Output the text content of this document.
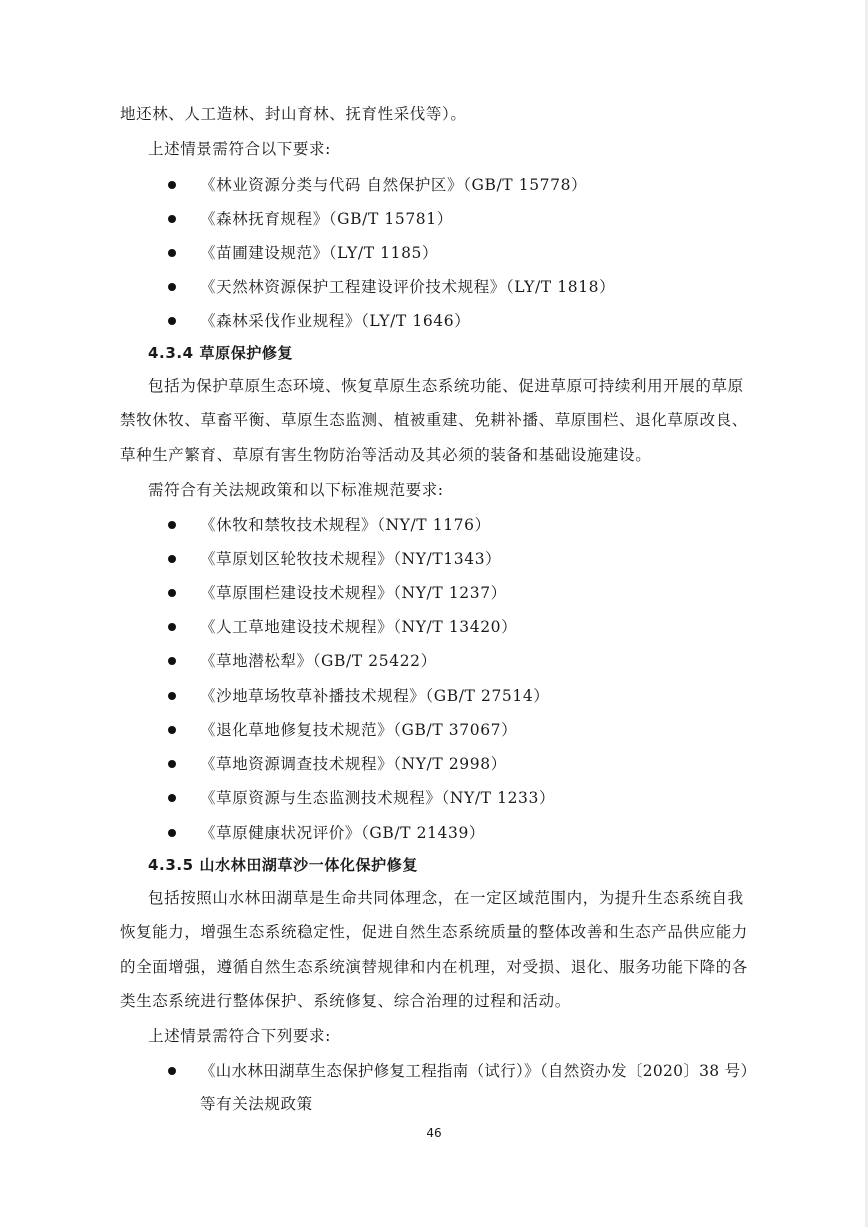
地还林、人工造林、封山育林、抚育性采伐等）。
上述情景需符合以下要求:
《林业资源分类与代码 自然保护区》（GB/T 15778）
《森林抚育规程》（GB/T 15781）
《苗圃建设规范》（LY/T 1185）
《天然林资源保护工程建设评价技术规程》（LY/T 1818）
《森林采伐作业规程》（LY/T 1646）
4.3.4 草原保护修复
包括为保护草原生态环境、恢复草原生态系统功能、促进草原可持续利用开展的草原
禁牧休牧、草畜平衡、草原生态监测、植被重建、免耕补播、草原围栏、退化草原改良、
草种生产繁育、草原有害生物防治等活动及其必须的装备和基础设施建设。
需符合有关法规政策和以下标准规范要求:
《休牧和禁牧技术规程》（NY/T 1176）
《草原划区轮牧技术规程》（NY/T1343）
《草原围栏建设技术规程》（NY/T 1237）
《人工草地建设技术规程》（NY/T 13420）
《草地潜松犁》（GB/T 25422）
《沙地草场牧草补播技术规程》（GB/T 27514）
《退化草地修复技术规范》（GB/T 37067）
《草地资源调查技术规程》（NY/T 2998）
《草原资源与生态监测技术规程》（NY/T 1233）
《草原健康状况评价》（GB/T 21439）
4.3.5 山水林田湖草沙一体化保护修复
包括按照山水林田湖草是生命共同体理念，在一定区域范围内，为提升生态系统自我
恢复能力，增强生态系统稳定性，促进自然生态系统质量的整体改善和生态产品供应能力
的全面增强，遵循自然生态系统演替规律和内在机理，对受损、退化、服务功能下降的各
类生态系统进行整体保护、系统修复、综合治理的过程和活动。
上述情景需符合下列要求:
《山水林田湖草生态保护修复工程指南（试行）》（自然资办发〔2020〕38 号）
等有关法规政策
46
